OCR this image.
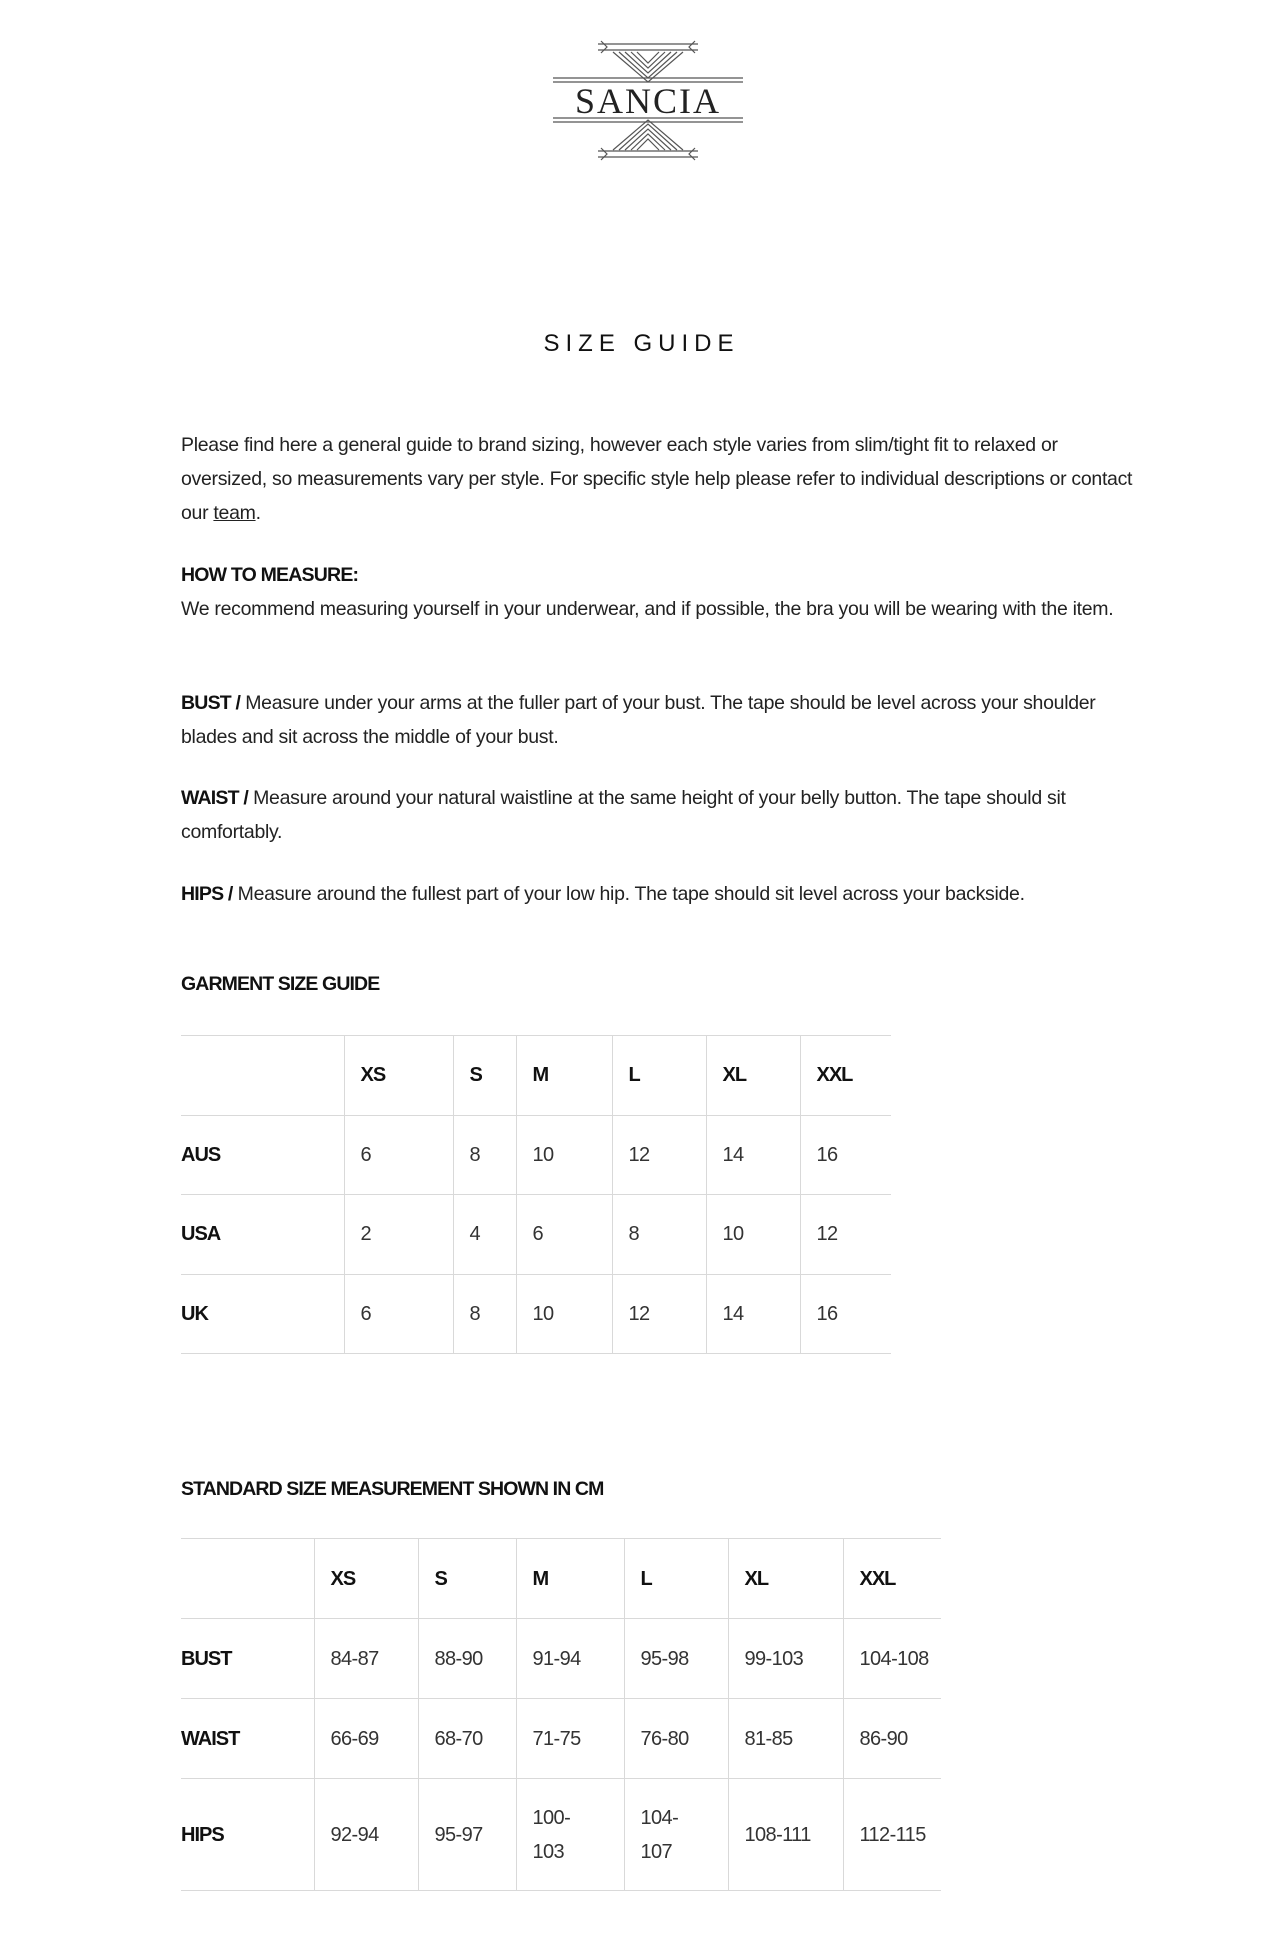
SANCIA
SIZE GUIDE
Please find here a general guide to brand sizing, however each style varies from slim/tight fit to relaxed or oversized, so measurements vary per style. For specific style help please refer to individual descriptions or contact our team.
HOW TO MEASURE:
We recommend measuring yourself in your underwear, and if possible, the bra you will be wearing with the item.
BUST / Measure under your arms at the fuller part of your bust. The tape should be level across your shoulder blades and sit across the middle of your bust.
WAIST / Measure around your natural waistline at the same height of your belly button. The tape should sit comfortably.
HIPS / Measure around the fullest part of your low hip. The tape should sit level across your backside.
GARMENT SIZE GUIDE
	XS	S	M	L	XL	XXL
AUS	6	8	10	12	14	16
USA	2	4	6	8	10	12
UK	6	8	10	12	14	16
STANDARD SIZE MEASUREMENT SHOWN IN CM
	XS	S	M	L	XL	XXL
BUST	84-87	88-90	91-94	95-98	99-103	104-108
WAIST	66-69	68-70	71-75	76-80	81-85	86-90
HIPS	92-94	95-97	100-103	104-107	108-111	112-115
